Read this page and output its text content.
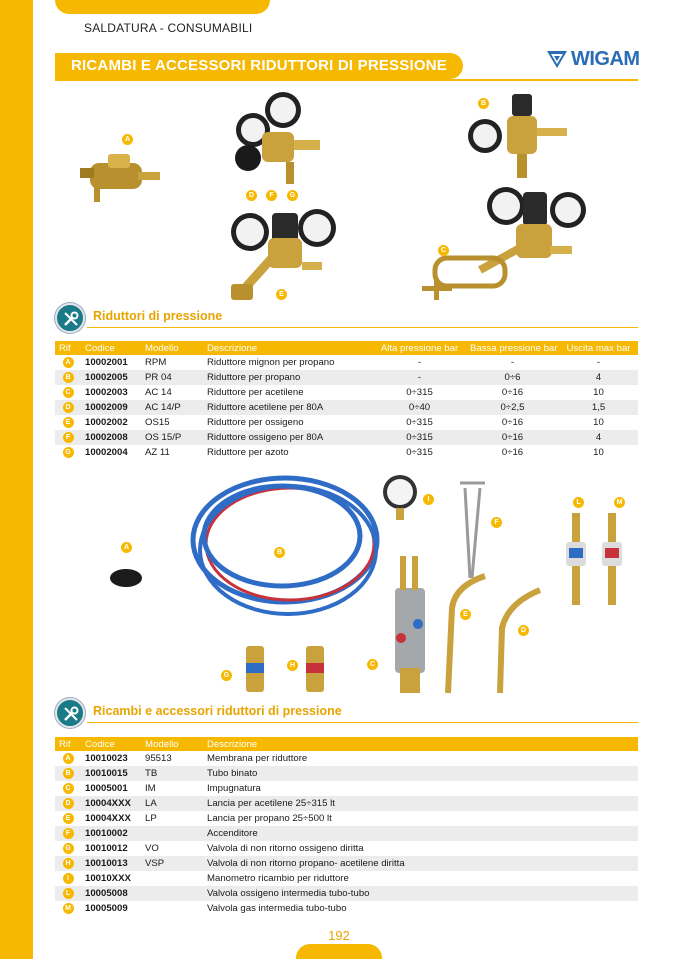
SALDATURA - CONSUMABILI
RICAMBI E ACCESSORI RIDUTTORI DI PRESSIONE	WIGAM
A
B
C
D	F	G
E
Riduttori di pressione
Rif	Codice	Modello	Descrizione	Alta pressione bar	Bassa pressione bar	Uscita max bar
A	10002001	RPM	Riduttore mignon per propano	-	-	-
B	10002005	PR 04	Riduttore per propano	-	0÷6	4
C	10002003	AC 14	Riduttore per acetilene	0÷315	0÷16	10
D	10002009	AC 14/P	Riduttore acetilene per 80A	0÷40	0÷2,5	1,5
E	10002002	OS15	Riduttore per ossigeno	0÷315	0÷16	10
F	10002008	OS 15/P	Riduttore ossigeno per 80A	0÷315	0÷16	4
G	10002004	AZ 11	Riduttore per azoto	0÷315	0÷16	10
A
B
C
D
E
F
G
H
I	L	M
Ricambi e accessori riduttori di pressione
Rif	Codice	Modello	Descrizione
A	10010023	95513	Membrana per riduttore
B	10010015	TB	Tubo binato
C	10005001	IM	Impugnatura
D	10004XXX	LA	Lancia per acetilene 25÷315 lt
E	10004XXX	LP	Lancia per propano 25÷500 lt
F	10010002		Accenditore
G	10010012	VO	Valvola di non ritorno ossigeno diritta
H	10010013	VSP	Valvola di non ritorno propano- acetilene diritta
I	10010XXX		Manometro ricambio per riduttore
L	10005008		Valvola ossigeno intermedia tubo-tubo
M	10005009		Valvola gas intermedia tubo-tubo
192
